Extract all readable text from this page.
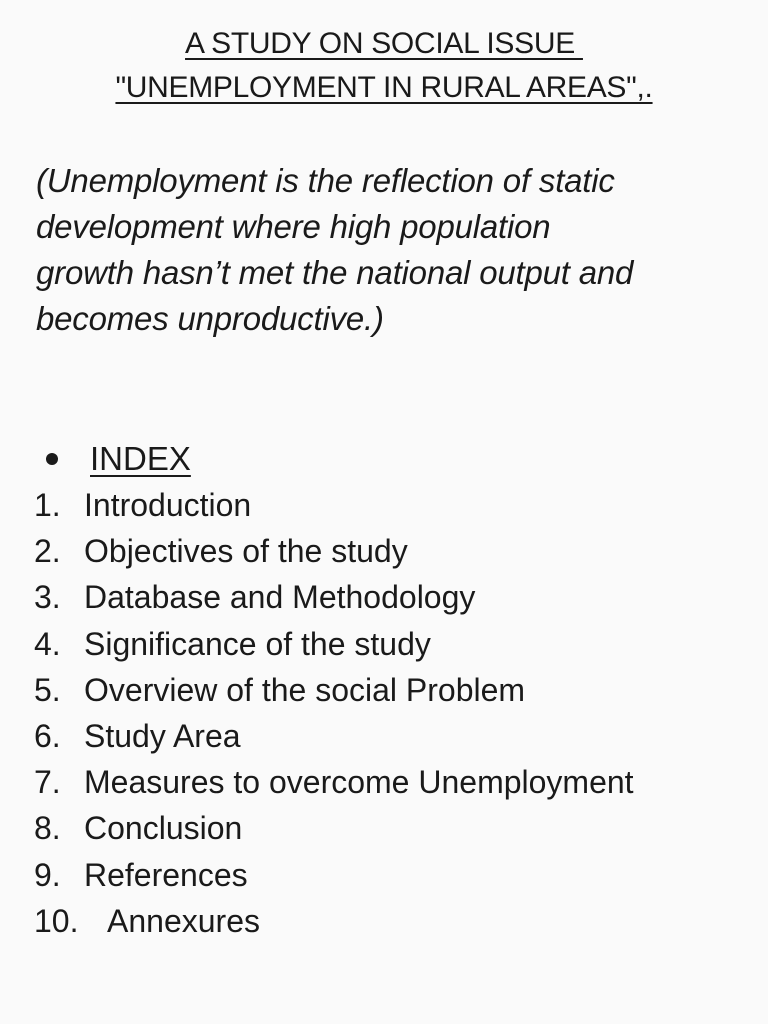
A STUDY ON SOCIAL ISSUE
"UNEMPLOYMENT IN RURAL AREAS",.
(Unemployment is the reflection of static
development where high population
growth hasn’t met the national output and
becomes unproductive.)
INDEX
1. Introduction
2. Objectives of the study
3. Database and Methodology
4. Significance of the study
5. Overview of the social Problem
6. Study Area
7. Measures to overcome Unemployment
8. Conclusion
9. References
10. Annexures
